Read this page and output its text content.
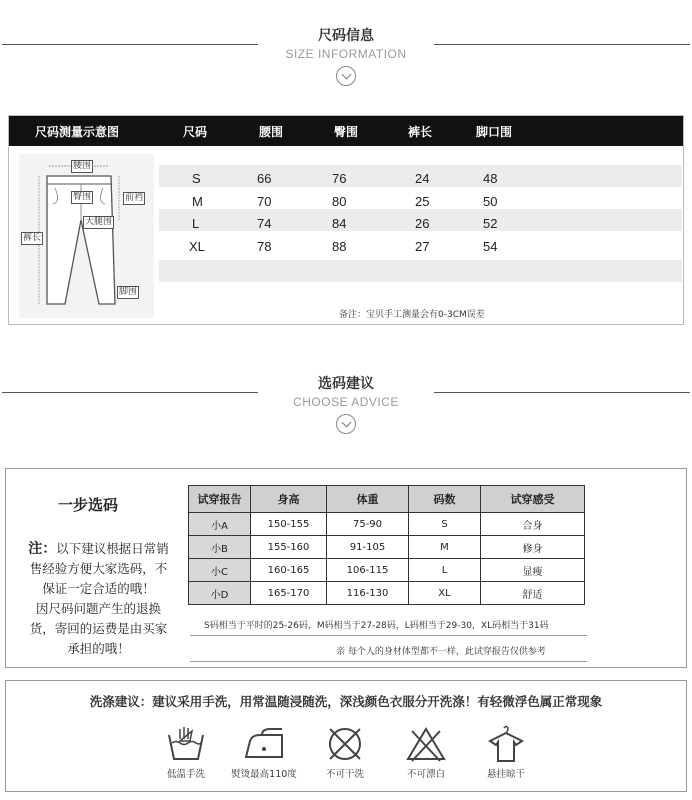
尺码信息
SIZE INFORMATION
尺码测量示意图	尺码	腰围	臀围	裤长	脚口围
腰围
臀围	前裆
大腿围
裤长
脚围
S	66	76	24	48
M	70	80	25	50
L	74	84	26	52
XL	78	88	27	54
备注：宝贝手工测量会有0-3CM误差
选码建议
CHOOSE ADVICE
一步选码
注：以下建议根据日常销
售经验方便大家选码，不
保证一定合适的哦！
因尺码问题产生的退换
货，寄回的运费是由买家
承担的哦！
试穿报告	身高	体重	码数	试穿感受
小A	150-155	75-90	S	合身
小B	155-160	91-105	M	修身
小C	160-165	106-115	L	显瘦
小D	165-170	116-130	XL	舒适
S码相当于平时的25-26码，M码相当于27-28码，L码相当于29-30，XL码相当于31码
亲 每个人的身材体型都不一样，此试穿报告仅供参考
洗涤建议：建议采用手洗，用常温随浸随洗，深浅颜色衣服分开洗涤！有轻微浮色属正常现象
低温手洗	熨烫最高110度	不可干洗	不可漂白	悬挂晾干
